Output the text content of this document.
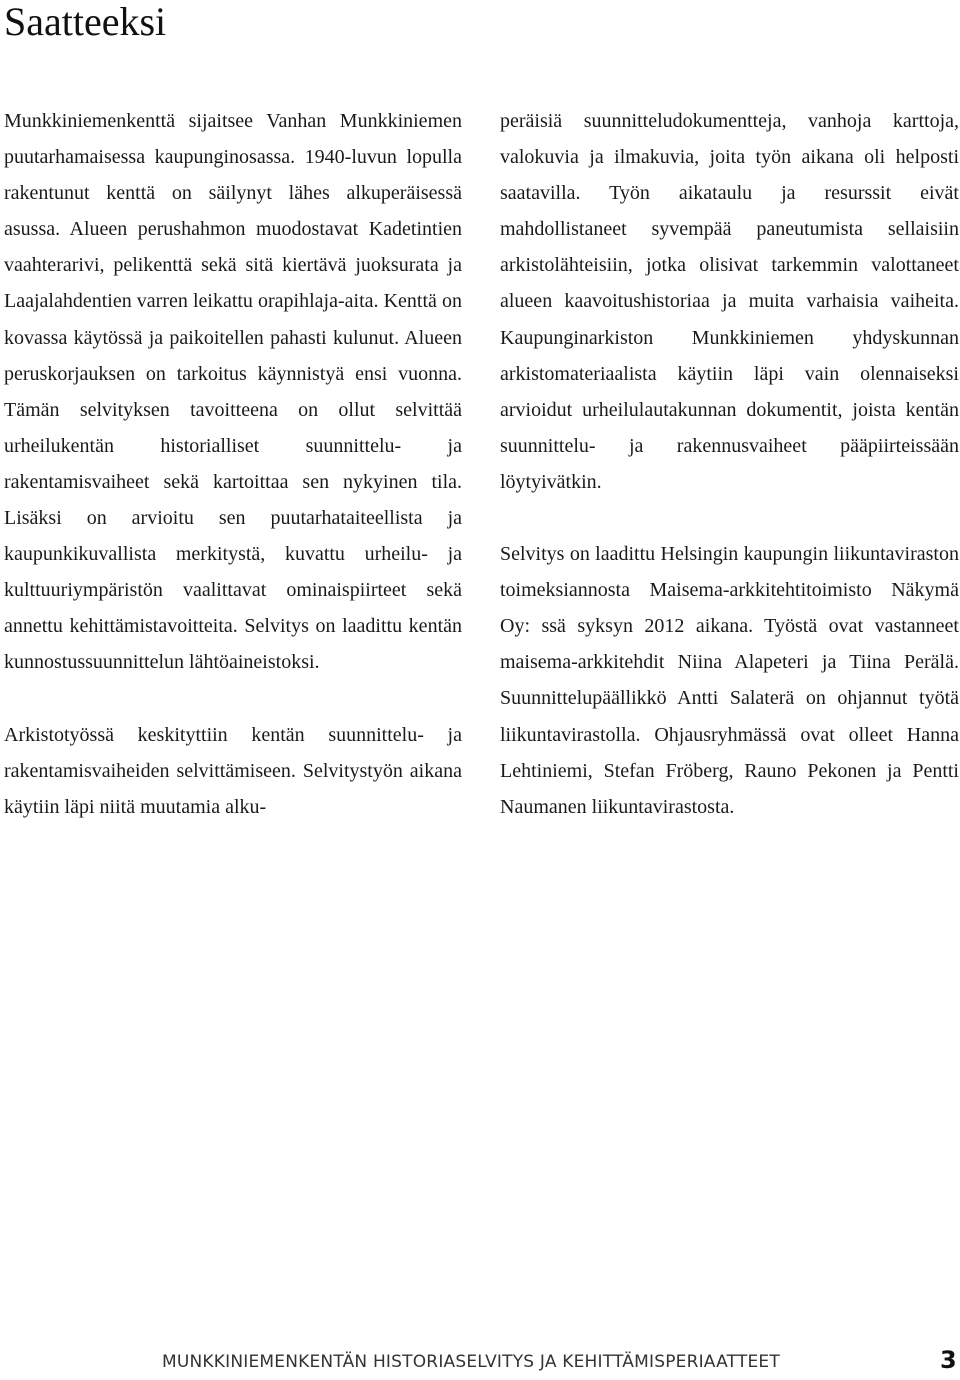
Saatteeksi

Munkkiniemenkenttä sijaitsee Vanhan Munkkiniemen puutarhamaisessa kaupunginosassa. 1940-luvun lopulla rakentunut kenttä on säilynyt lähes alkuperäisessä asussa. Alueen perushahmon muodostavat Kadetintien vaahterarivi, pelikenttä sekä sitä kiertävä juoksurata ja Laajalahdentien varren leikattu orapihlaja-aita. Kenttä on kovassa käytössä ja paikoitellen pahasti kulunut. Alueen peruskorjauksen on tarkoitus käynnistyä ensi vuonna. Tämän selvityksen tavoitteena on ollut selvittää urheilukentän historialliset suunnittelu- ja rakentamisvaiheet sekä kartoittaa sen nykyinen tila. Lisäksi on arvioitu sen puutarhataiteellista ja kaupunkikuvallista merkitystä, kuvattu urheilu- ja kulttuuriympäristön vaalittavat ominaispiirteet sekä annettu kehittämistavoitteita. Selvitys on laadittu kentän kunnostussuunnittelun lähtöaineistoksi.

Arkistotyössä keskityttiin kentän suunnittelu- ja rakentamisvaiheiden selvittämiseen. Selvitystyön aikana käytiin läpi niitä muutamia alku-

peräisiä suunnitteludokumentteja, vanhoja karttoja, valokuvia ja ilmakuvia, joita työn aikana oli helposti saatavilla. Työn aikataulu ja resurssit eivät mahdollistaneet syvempää paneutumista sellaisiin arkistolähteisiin, jotka olisivat tarkemmin valottaneet alueen kaavoitushistoriaa ja muita varhaisia vaiheita. Kaupunginarkiston Munkkiniemen yhdyskunnan arkistomateriaalista käytiin läpi vain olennaiseksi arvioidut urheilulautakunnan dokumentit, joista kentän suunnittelu- ja rakennusvaiheet pääpiirteissään löytyivätkin.

Selvitys on laadittu Helsingin kaupungin liikuntaviraston toimeksiannosta Maisema-arkkitehtitoimisto Näkymä Oy: ssä syksyn 2012 aikana. Työstä ovat vastanneet maisema-arkkitehdit Niina Alapeteri ja Tiina Perälä. Suunnittelupäällikkö Antti Salaterä on ohjannut työtä liikuntavirastolla. Ohjausryhmässä ovat olleet Hanna Lehtiniemi, Stefan Fröberg, Rauno Pekonen ja Pentti Naumanen liikuntavirastosta.

MUNKKINIEMENKENTÄN HISTORIASELVITYS JA KEHITTÄMISPERIAATTEET	3
